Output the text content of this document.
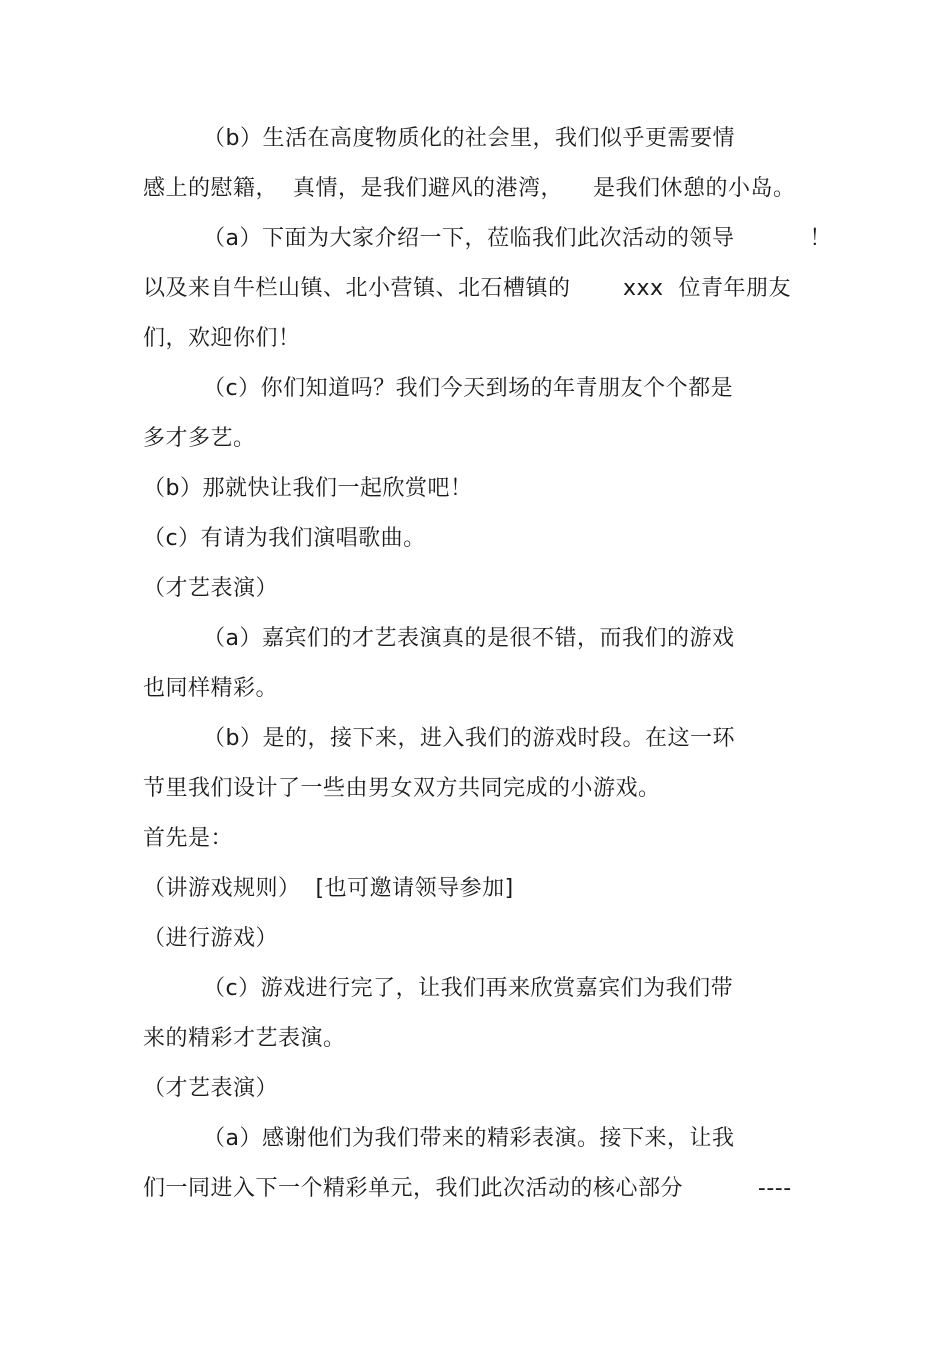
（b）生活在高度物质化的社会里，我们似乎更需要情
感上的慰籍，  真情，是我们避风的港湾，    是我们休憩的小岛。
（a）下面为大家介绍一下，莅临我们此次活动的领导          ！
以及来自牛栏山镇、北小营镇、北石槽镇的       xxx  位青年朋友
们，欢迎你们！
（c）你们知道吗？我们今天到场的年青朋友个个都是
多才多艺。
（b）那就快让我们一起欣赏吧！
（c）有请为我们演唱歌曲。
（才艺表演）
（a）嘉宾们的才艺表演真的是很不错，而我们的游戏
也同样精彩。
（b）是的，接下来，进入我们的游戏时段。在这一环
节里我们设计了一些由男女双方共同完成的小游戏。
首先是：
（讲游戏规则）  [也可邀请领导参加]
（进行游戏）
（c）游戏进行完了，让我们再来欣赏嘉宾们为我们带
来的精彩才艺表演。
（才艺表演）
（a）感谢他们为我们带来的精彩表演。接下来，让我
们一同进入下一个精彩单元，我们此次活动的核心部分          ----
